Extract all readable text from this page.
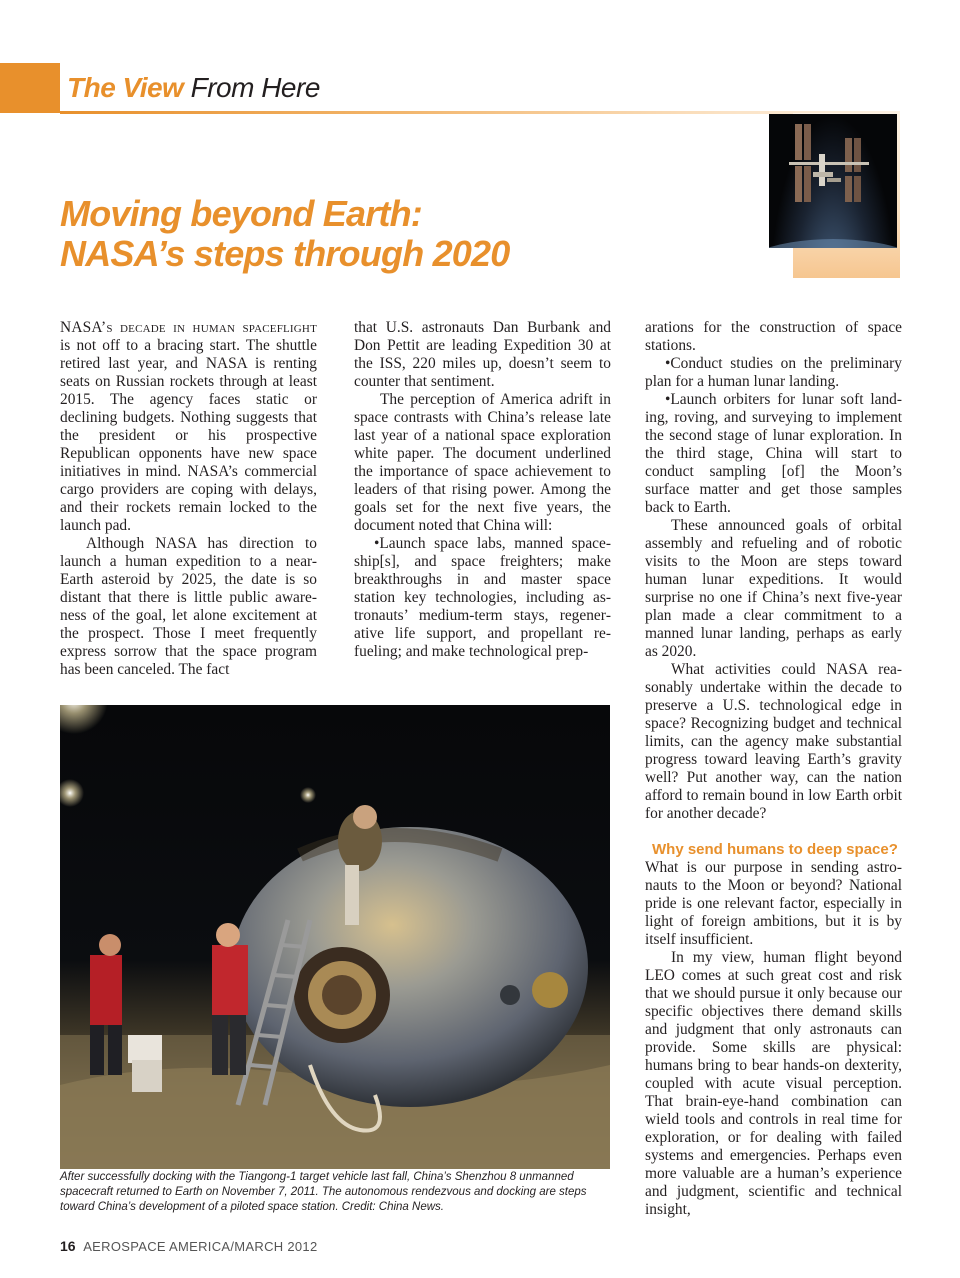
The View From Here
Moving beyond Earth:
NASA’s steps through 2020

NASA’s decade in human spaceflight is not off to a bracing start. The shuttle retired last year, and NASA is renting seats on Russian rockets through at least 2015. The agency faces static or declining budgets. Nothing suggests that the president or his prospective Republican opponents have new space initiatives in mind. NASA’s commercial cargo providers are coping with delays, and their rockets remain locked to the launch pad.

Although NASA has direction to launch a human expedition to a near-Earth asteroid by 2025, the date is so distant that there is little public awareness of the goal, let alone excitement at the prospect. Those I meet frequently express sorrow that the space program has been canceled. The fact

that U.S. astronauts Dan Burbank and Don Pettit are leading Expedition 30 at the ISS, 220 miles up, doesn’t seem to counter that sentiment.

The perception of America adrift in space contrasts with China’s release late last year of a national space exploration white paper. The document underlined the importance of space achievement to leaders of that rising power. Among the goals set for the next five years, the document noted that China will:

•Launch space labs, manned spaceship[s], and space freighters; make breakthroughs in and master space station key technologies, including astronauts’ medium-term stays, regenerative life support, and propellant refueling; and make technological prep-

arations for the construction of space stations.

•Conduct studies on the preliminary plan for a human lunar landing.

•Launch orbiters for lunar soft landing, roving, and surveying to implement the second stage of lunar exploration. In the third stage, China will start to conduct sampling [of] the Moon’s surface matter and get those samples back to Earth.

These announced goals of orbital assembly and refueling and of robotic visits to the Moon are steps toward human lunar expeditions. It would surprise no one if China’s next five-year plan made a clear commitment to a manned lunar landing, perhaps as early as 2020.

What activities could NASA reasonably undertake within the decade to preserve a U.S. technological edge in space? Recognizing budget and technical limits, can the agency make substantial progress toward leaving Earth’s gravity well? Put another way, can the nation afford to remain bound in low Earth orbit for another decade?

Why send humans to deep space?

What is our purpose in sending astronauts to the Moon or beyond? National pride is one relevant factor, especially in light of foreign ambitions, but it is by itself insufficient.

In my view, human flight beyond LEO comes at such great cost and risk that we should pursue it only because our specific objectives there demand skills and judgment that only astronauts can provide. Some skills are physical: humans bring to bear hands-on dexterity, coupled with acute visual perception. That brain-eye-hand combination can wield tools and controls in real time for exploration, or for dealing with failed systems and emergencies. Perhaps even more valuable are a human’s experience and judgment, scientific and technical insight,

After successfully docking with the Tiangong-1 target vehicle last fall, China’s Shenzhou 8 unmanned spacecraft returned to Earth on November 7, 2011. The autonomous rendezvous and docking are steps toward China’s development of a piloted space station. Credit: China News.
16 AEROSPACE AMERICA/MARCH 2012
